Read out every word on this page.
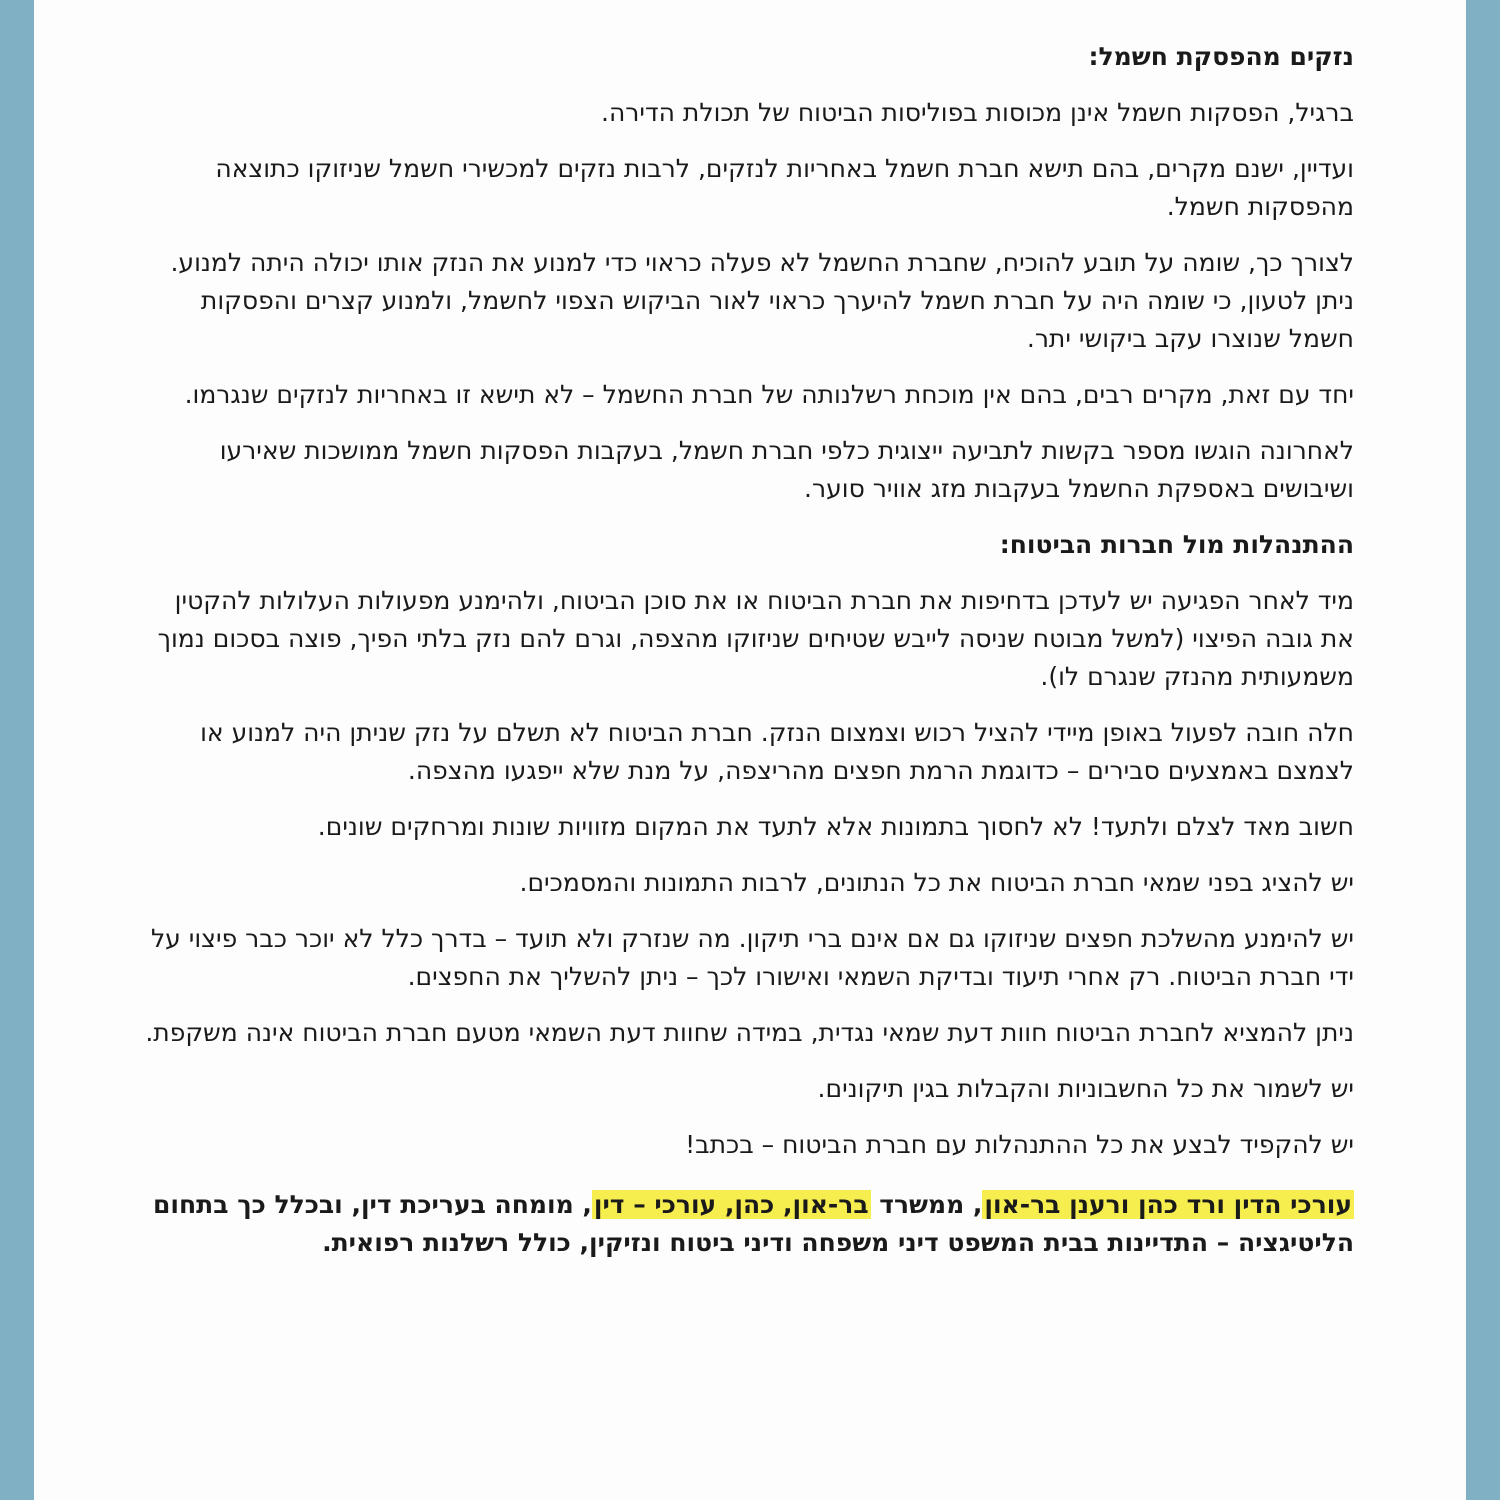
נזקים מהפסקת חשמל:

ברגיל, הפסקות חשמל אינן מכוסות בפוליסות הביטוח של תכולת הדירה.

ועדיין, ישנם מקרים, בהם תישא חברת חשמל באחריות לנזקים, לרבות נזקים למכשירי חשמל שניזוקו כתוצאה מהפסקות חשמל.

לצורך כך, שומה על תובע להוכיח, שחברת החשמל לא פעלה כראוי כדי למנוע את הנזק אותו יכולה היתה למנוע. ניתן לטעון, כי שומה היה על חברת חשמל להיערך כראוי לאור הביקוש הצפוי לחשמל, ולמנוע קצרים והפסקות חשמל שנוצרו עקב ביקושי יתר.

יחד עם זאת, מקרים רבים, בהם אין מוכחת רשלנותה של חברת החשמל – לא תישא זו באחריות לנזקים שנגרמו.

לאחרונה הוגשו מספר בקשות לתביעה ייצוגית כלפי חברת חשמל, בעקבות הפסקות חשמל ממושכות שאירעו ושיבושים באספקת החשמל בעקבות מזג אוויר סוער.

ההתנהלות מול חברות הביטוח:

מיד לאחר הפגיעה יש לעדכן בדחיפות את חברת הביטוח או את סוכן הביטוח, ולהימנע מפעולות העלולות להקטין את גובה הפיצוי (למשל מבוטח שניסה לייבש שטיחים שניזוקו מהצפה, וגרם להם נזק בלתי הפיך, פוצה בסכום נמוך משמעותית מהנזק שנגרם לו).

חלה חובה לפעול באופן מיידי להציל רכוש וצמצום הנזק. חברת הביטוח לא תשלם על נזק שניתן היה למנוע או לצמצם באמצעים סבירים – כדוגמת הרמת חפצים מהריצפה, על מנת שלא ייפגעו מהצפה.

חשוב מאד לצלם ולתעד! לא לחסוך בתמונות אלא לתעד את המקום מזוויות שונות ומרחקים שונים.

יש להציג בפני שמאי חברת הביטוח את כל הנתונים, לרבות התמונות והמסמכים.

יש להימנע מהשלכת חפצים שניזוקו גם אם אינם ברי תיקון. מה שנזרק ולא תועד – בדרך כלל לא יוכר כבר פיצוי על ידי חברת הביטוח. רק אחרי תיעוד ובדיקת השמאי ואישורו לכך – ניתן להשליך את החפצים.

ניתן להמציא לחברת הביטוח חוות דעת שמאי נגדית, במידה שחוות דעת השמאי מטעם חברת הביטוח אינה משקפת.

יש לשמור את כל החשבוניות והקבלות בגין תיקונים.

יש להקפיד לבצע את כל ההתנהלות עם חברת הביטוח – בכתב!

עורכי הדין ורד כהן ורענן בר-און, ממשרד בר-און, כהן, עורכי – דין, מומחה בעריכת דין, ובכלל כך בתחום הליטיגציה – התדיינות בבית המשפט דיני משפחה ודיני ביטוח ונזיקין, כולל רשלנות רפואית.
